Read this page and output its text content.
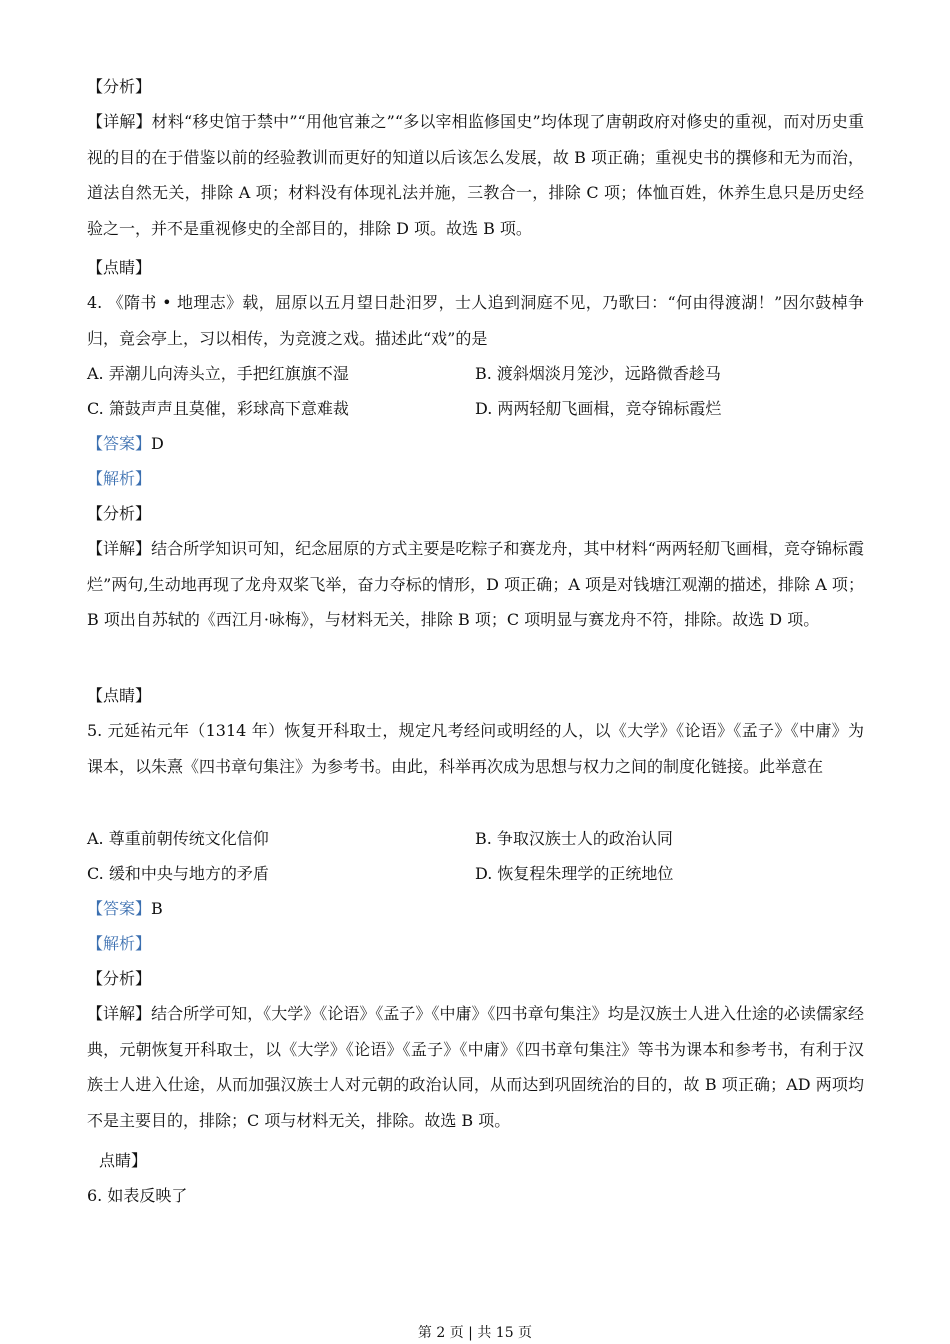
【分析】
【详解】材料“移史馆于禁中”“用他官兼之”“多以宰相监修国史”均体现了唐朝政府对修史的重视，而对历史重视的目的在于借鉴以前的经验教训而更好的知道以后该怎么发展，故 B 项正确；重视史书的撰修和无为而治，道法自然无关，排除 A 项；材料没有体现礼法并施，三教合一，排除 C 项；体恤百姓，休养生息只是历史经验之一，并不是重视修史的全部目的，排除 D 项。故选 B 项。
【点睛】
4. 《隋书 • 地理志》载，屈原以五月望日赴汨罗，士人追到洞庭不见，乃歌曰：“何由得渡湖！”因尔鼓棹争归，竟会亭上，习以相传，为竞渡之戏。描述此“戏”的是
A. 弄潮儿向涛头立，手把红旗旗不湿	B. 渡斜烟淡月笼沙，远路微香趁马
C. 箫鼓声声且莫催，彩球高下意难裁	D. 两两轻舠飞画楫，竞夺锦标霞烂
【答案】D
【解析】
【分析】
【详解】结合所学知识可知，纪念屈原的方式主要是吃粽子和赛龙舟，其中材料“两两轻舠飞画楫，竞夺锦标霞烂”两句,生动地再现了龙舟双桨飞举，奋力夺标的情形，D 项正确；A 项是对钱塘江观潮的描述，排除 A 项；B 项出自苏轼的《西江月·咏梅》，与材料无关，排除 B 项；C 项明显与赛龙舟不符，排除。故选 D 项。
【点睛】
5. 元延祐元年（1314 年）恢复开科取士，规定凡考经问或明经的人，以《大学》《论语》《孟子》《中庸》为课本，以朱熹《四书章句集注》为参考书。由此，科举再次成为思想与权力之间的制度化链接。此举意在
A. 尊重前朝传统文化信仰	B. 争取汉族士人的政治认同
C. 缓和中央与地方的矛盾	D. 恢复程朱理学的正统地位
【答案】B
【解析】
【分析】
【详解】结合所学可知，《大学》《论语》《孟子》《中庸》《四书章句集注》均是汉族士人进入仕途的必读儒家经典，元朝恢复开科取士，以《大学》《论语》《孟子》《中庸》《四书章句集注》等书为课本和参考书，有利于汉族士人进入仕途，从而加强汉族士人对元朝的政治认同，从而达到巩固统治的目的，故 B 项正确；AD 两项均不是主要目的，排除；C 项与材料无关，排除。故选 B 项。
点睛】
6. 如表反映了
第 2 页 | 共 15 页
